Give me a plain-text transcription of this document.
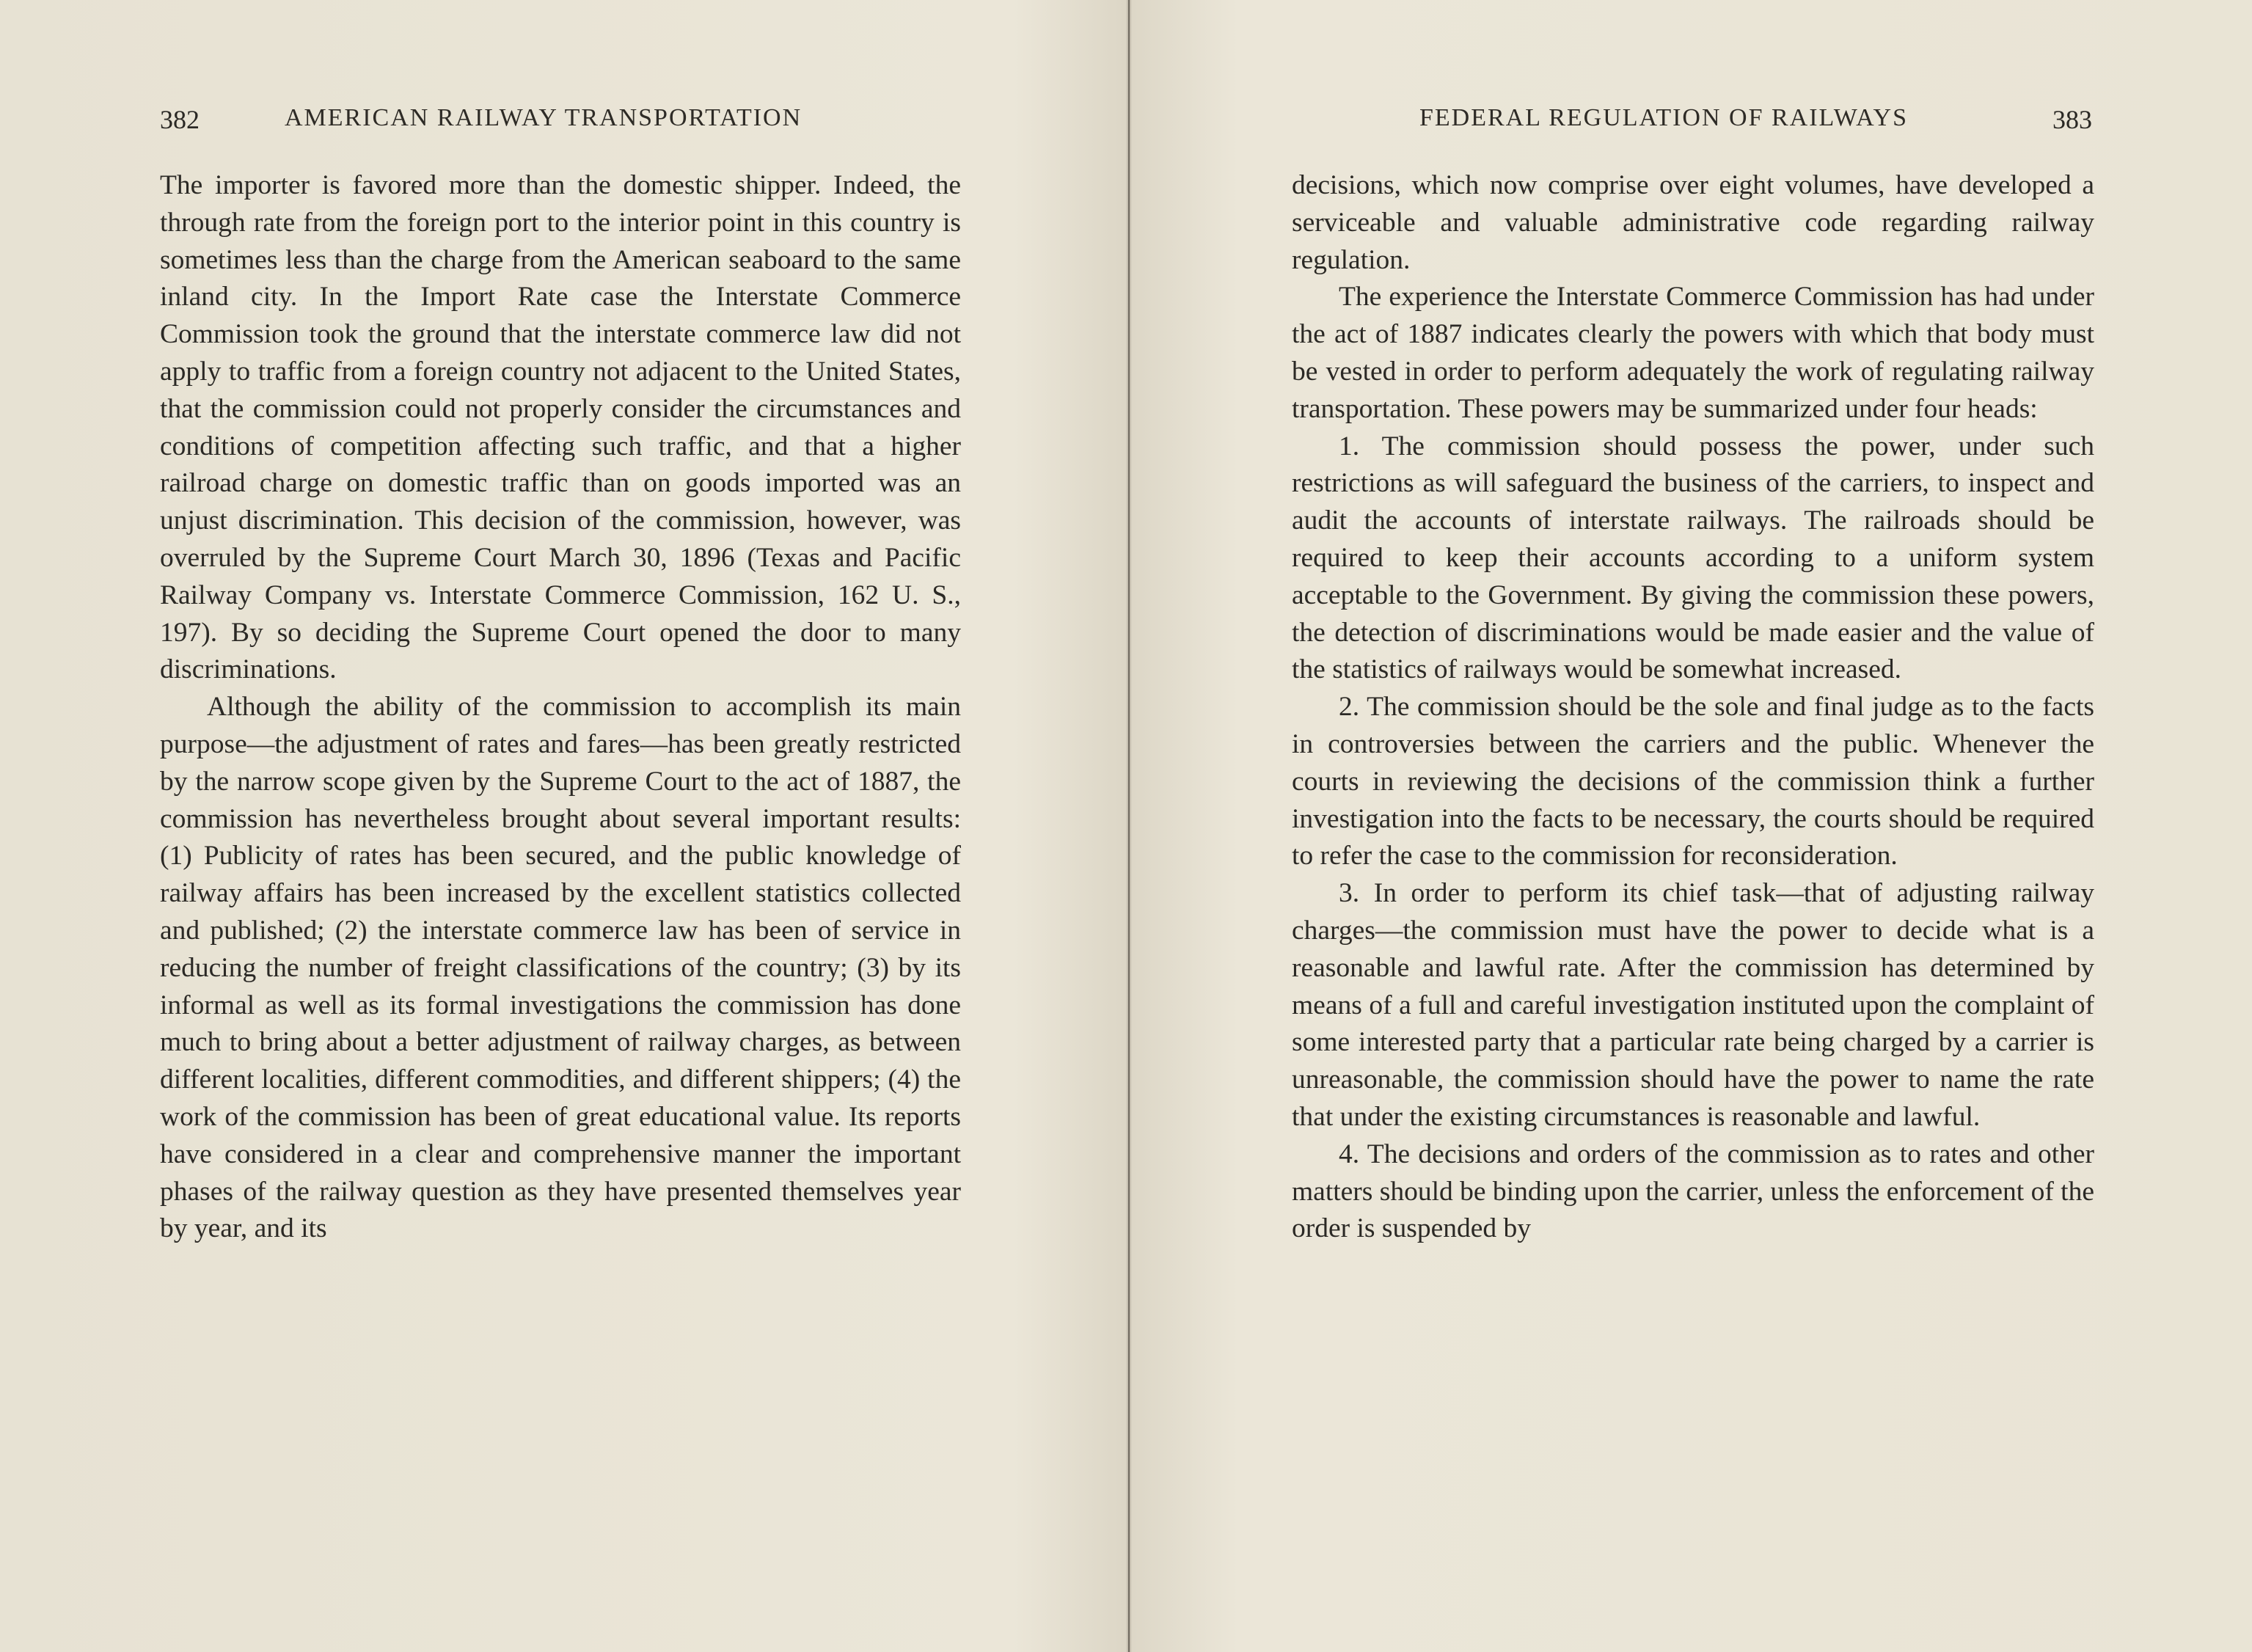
382	AMERICAN RAILWAY TRANSPORTATION

The importer is favored more than the domestic shipper. Indeed, the through rate from the foreign port to the interior point in this country is sometimes less than the charge from the American seaboard to the same inland city. In the Import Rate case the Interstate Commerce Commission took the ground that the interstate commerce law did not apply to traffic from a foreign country not adjacent to the United States, that the commission could not properly consider the circumstances and conditions of competition affecting such traffic, and that a higher railroad charge on domestic traffic than on goods imported was an unjust discrimination. This decision of the commission, however, was overruled by the Supreme Court March 30, 1896 (Texas and Pacific Railway Company vs. Interstate Commerce Commission, 162 U. S., 197). By so deciding the Supreme Court opened the door to many discriminations.

Although the ability of the commission to accomplish its main purpose—the adjustment of rates and fares—has been greatly restricted by the narrow scope given by the Supreme Court to the act of 1887, the commission has nevertheless brought about several important results: (1) Publicity of rates has been secured, and the public knowledge of railway affairs has been increased by the excellent statistics collected and published; (2) the interstate commerce law has been of service in reducing the number of freight classifications of the country; (3) by its informal as well as its formal investigations the commission has done much to bring about a better adjustment of railway charges, as between different localities, different commodities, and different shippers; (4) the work of the commission has been of great educational value. Its reports have considered in a clear and comprehensive manner the important phases of the railway question as they have presented themselves year by year, and its

FEDERAL REGULATION OF RAILWAYS	383

decisions, which now comprise over eight volumes, have developed a serviceable and valuable administrative code regarding railway regulation.

The experience the Interstate Commerce Commission has had under the act of 1887 indicates clearly the powers with which that body must be vested in order to perform adequately the work of regulating railway transportation. These powers may be summarized under four heads:

1. The commission should possess the power, under such restrictions as will safeguard the business of the carriers, to inspect and audit the accounts of interstate railways. The railroads should be required to keep their accounts according to a uniform system acceptable to the Government. By giving the commission these powers, the detection of discriminations would be made easier and the value of the statistics of railways would be somewhat increased.

2. The commission should be the sole and final judge as to the facts in controversies between the carriers and the public. Whenever the courts in reviewing the decisions of the commission think a further investigation into the facts to be necessary, the courts should be required to refer the case to the commission for reconsideration.

3. In order to perform its chief task—that of adjusting railway charges—the commission must have the power to decide what is a reasonable and lawful rate. After the commission has determined by means of a full and careful investigation instituted upon the complaint of some interested party that a particular rate being charged by a carrier is unreasonable, the commission should have the power to name the rate that under the existing circumstances is reasonable and lawful.

4. The decisions and orders of the commission as to rates and other matters should be binding upon the carrier, unless the enforcement of the order is suspended by
